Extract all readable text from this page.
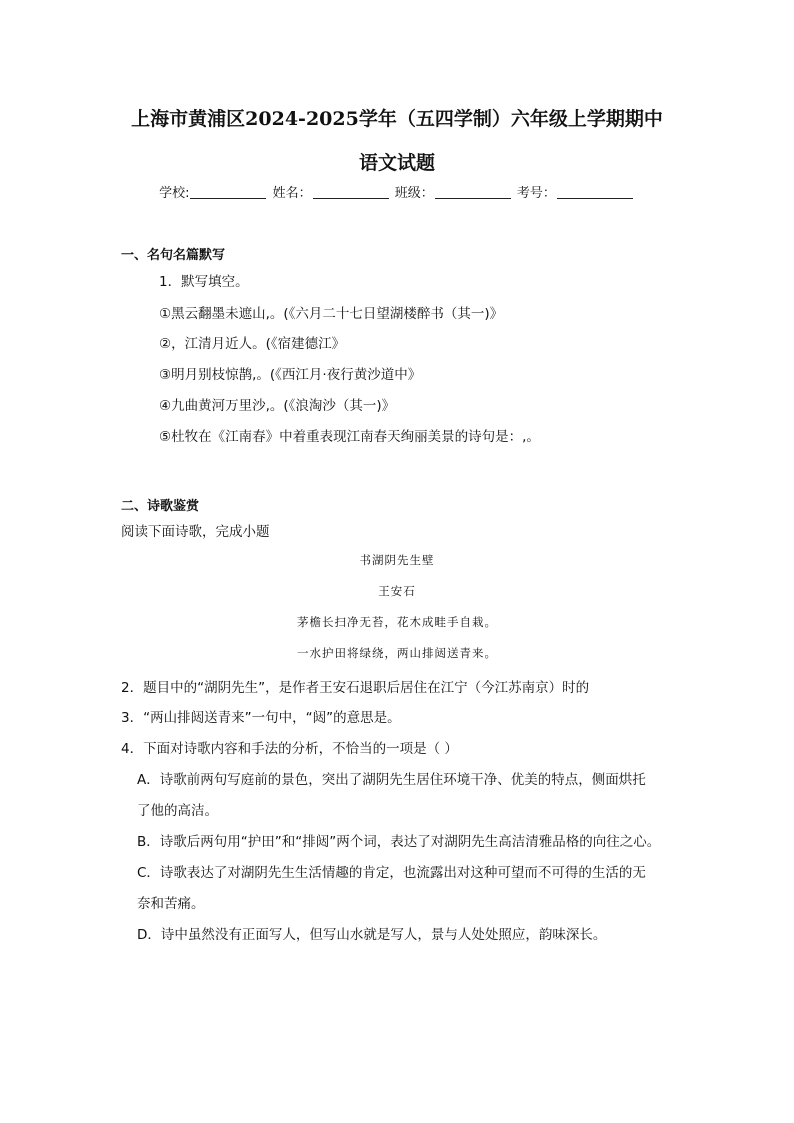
上海市黄浦区2024-2025学年（五四学制）六年级上学期期中
语文试题
学校:	姓名：	班级：	考号：
一、名句名篇默写
1．默写填空。
①黑云翻墨未遮山,。(《六月二十七日望湖楼醉书（其一)》
②，江清月近人。(《宿建德江》
③明月别枝惊鹊,。(《西江月·夜行黄沙道中》
④九曲黄河万里沙,。(《浪淘沙（其一)》
⑤杜牧在《江南春》中着重表现江南春天绚丽美景的诗句是：,。
二、诗歌鉴赏
阅读下面诗歌，完成小题
书湖阴先生壁
王安石
茅檐长扫净无苔，花木成畦手自栽。
一水护田将绿绕，两山排闼送青来。
2．题目中的“湖阴先生”，是作者王安石退职后居住在江宁（今江苏南京）时的
3．“两山排闼送青来”一句中，“闼”的意思是。
4．下面对诗歌内容和手法的分析，不恰当的一项是（ ）
A．诗歌前两句写庭前的景色，突出了湖阴先生居住环境干净、优美的特点，侧面烘托
了他的高洁。
B．诗歌后两句用“护田”和“排闼”两个词，表达了对湖阴先生高洁清雅品格的向往之心。
C．诗歌表达了对湖阴先生生活情趣的肯定，也流露出对这种可望而不可得的生活的无
奈和苦痛。
D．诗中虽然没有正面写人，但写山水就是写人，景与人处处照应，韵味深长。
